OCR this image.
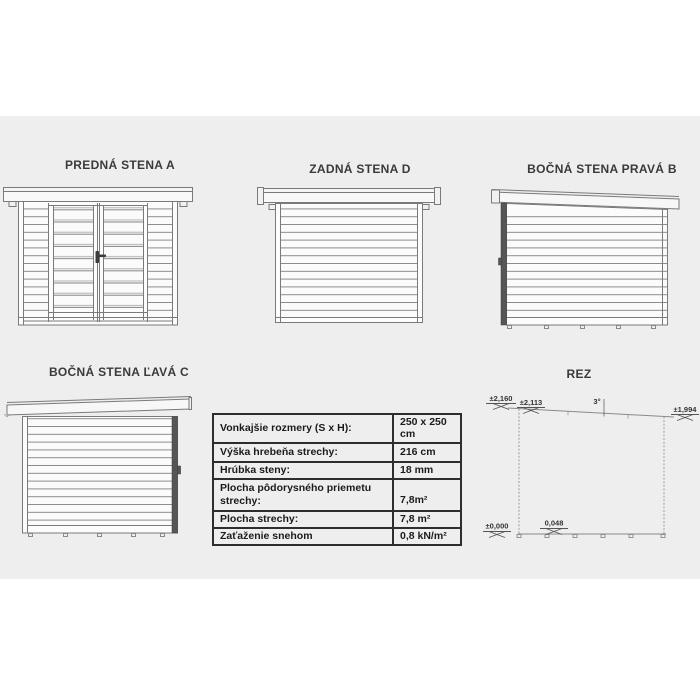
PREDNÁ STENA A	ZADNÁ STENA D	BOČNÁ STENA PRAVÁ B
BOČNÁ STENA ĽAVÁ C	REZ
±2,160 ±2,113	3°
±1,994
±0,000	0,048
Vonkajšie rozmery (S x H):	250 x 250 cm
Výška hrebeňa strechy:	216 cm
Hrúbka steny:	18 mm
Plocha pôdorysného priemetu strechy:	7,8m²
Plocha strechy:	7,8 m²
Zaťaženie snehom	0,8 kN/m²
